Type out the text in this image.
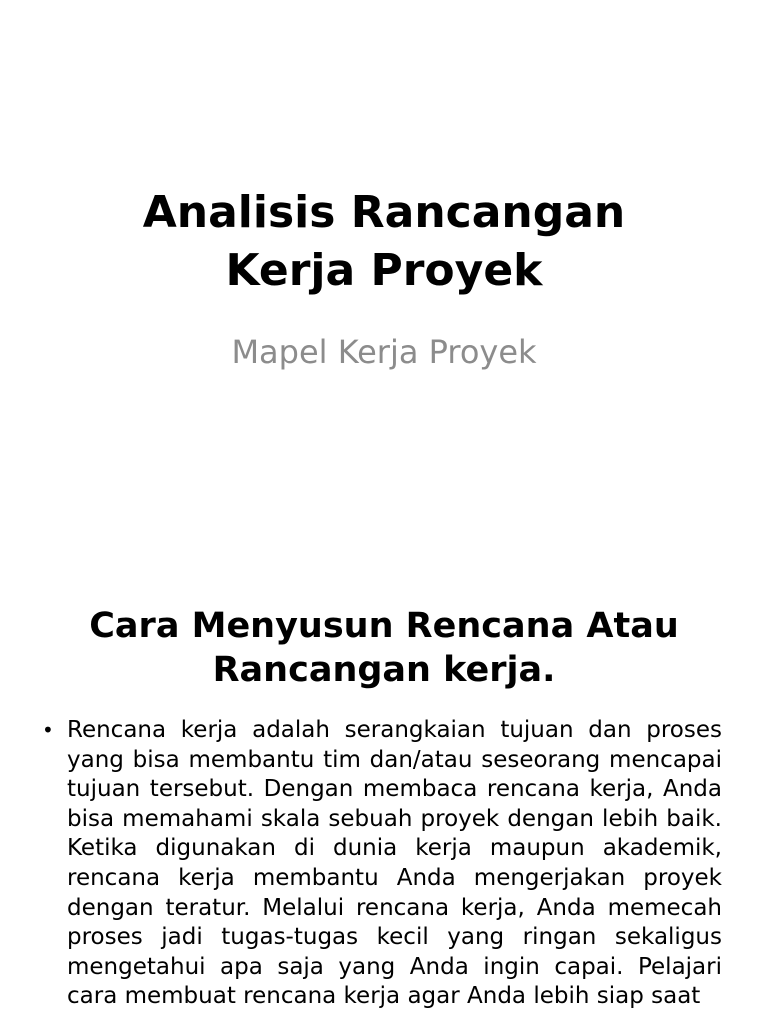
Analisis Rancangan
Kerja Proyek

Mapel Kerja Proyek

Cara Menyusun Rencana Atau
Rancangan kerja.
• Rencana kerja adalah serangkaian tujuan dan proses yang bisa membantu tim dan/atau seseorang mencapai tujuan tersebut. Dengan membaca rencana kerja, Anda bisa memahami skala sebuah proyek dengan lebih baik. Ketika digunakan di dunia kerja maupun akademik, rencana kerja membantu Anda mengerjakan proyek dengan teratur. Melalui rencana kerja, Anda memecah proses jadi tugas-tugas kecil yang ringan sekaligus mengetahui apa saja yang Anda ingin capai. Pelajari cara membuat rencana kerja agar Anda lebih siap saat
